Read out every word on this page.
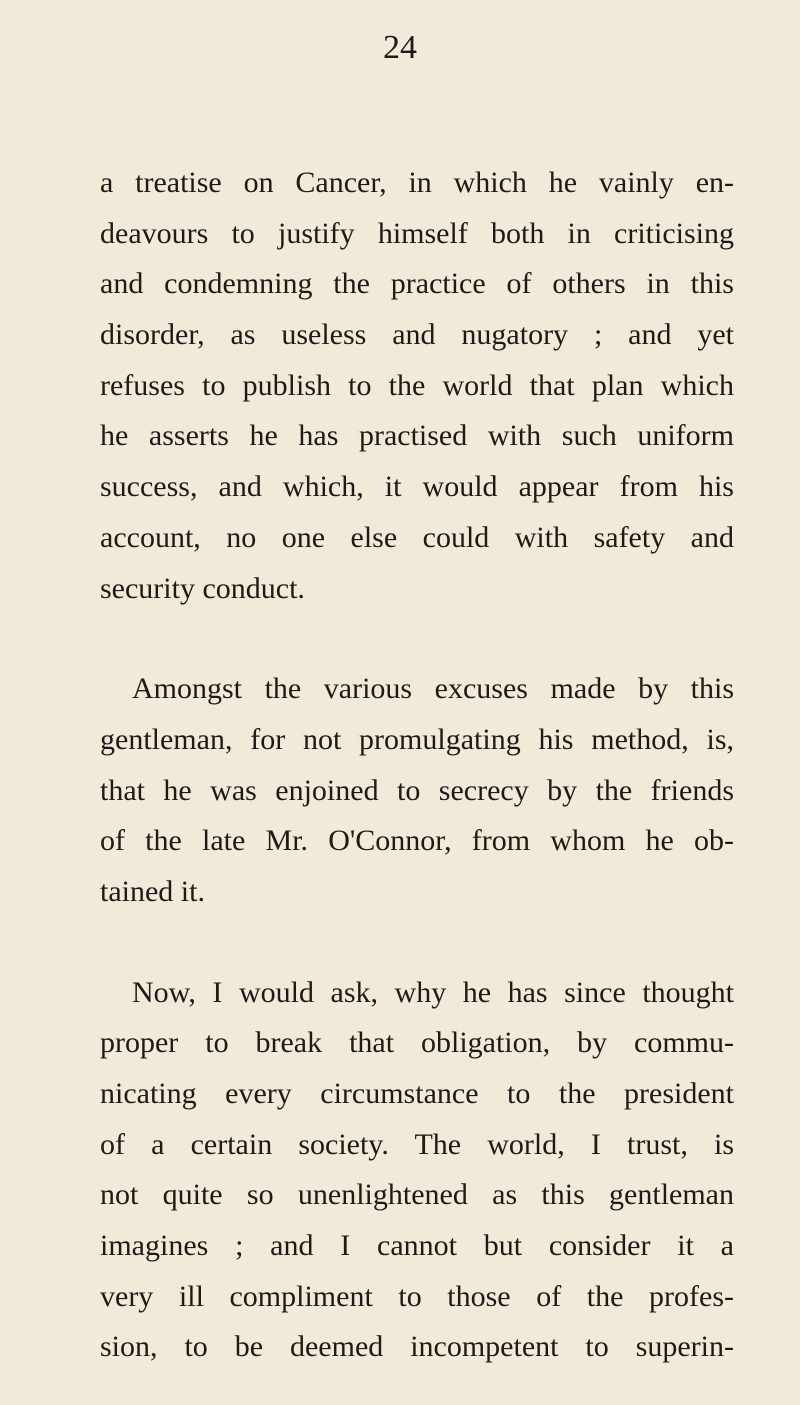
24
a treatise on Cancer, in which he vainly en-
deavours to justify himself both in criticising
and condemning the practice of others in this
disorder, as useless and nugatory ; and yet
refuses to publish to the world that plan which
he asserts he has practised with such uniform
success, and which, it would appear from his
account, no one else could with safety and
security conduct.
Amongst the various excuses made by this
gentleman, for not promulgating his method, is,
that he was enjoined to secrecy by the friends
of the late Mr. O'Connor, from whom he ob-
tained it.
Now, I would ask, why he has since thought
proper to break that obligation, by commu-
nicating every circumstance to the president
of a certain society. The world, I trust, is
not quite so unenlightened as this gentleman
imagines ; and I cannot but consider it a
very ill compliment to those of the profes-
sion, to be deemed incompetent to superin-
